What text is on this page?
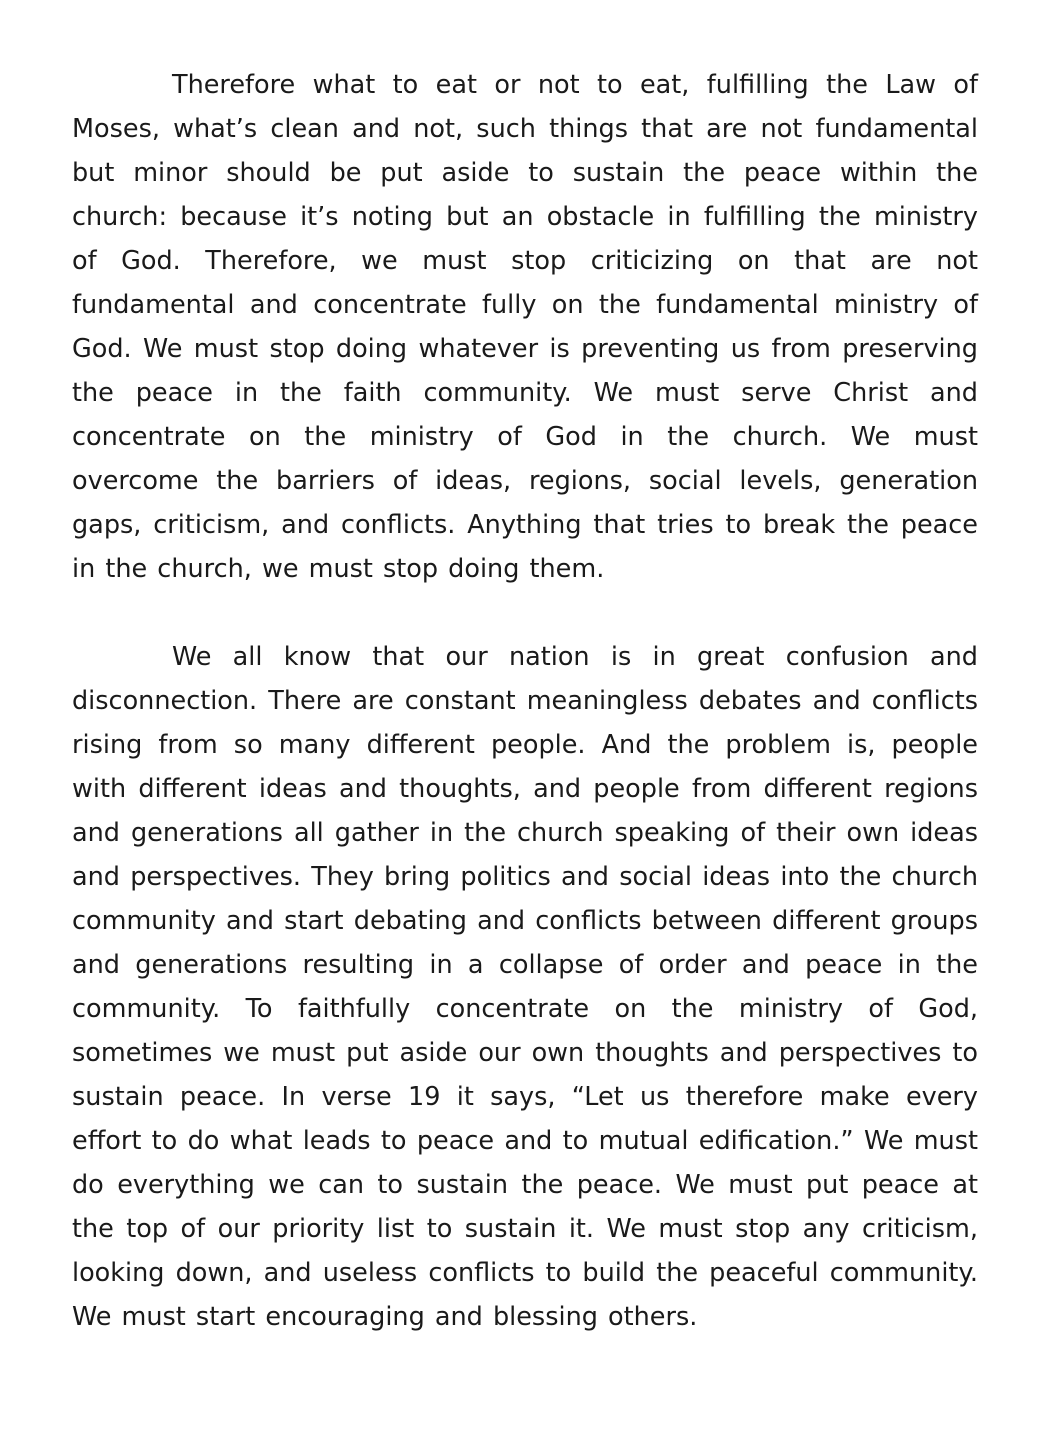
Therefore what to eat or not to eat, fulfilling the Law of Moses, what’s clean and not, such things that are not fundamental but minor should be put aside to sustain the peace within the church: because it’s noting but an obstacle in fulfilling the ministry of God. Therefore, we must stop criticizing on that are not fundamental and concentrate fully on the fundamental ministry of God. We must stop doing whatever is preventing us from preserving the peace in the faith community. We must serve Christ and concentrate on the ministry of God in the church. We must overcome the barriers of ideas, regions, social levels, generation gaps, criticism, and conflicts. Anything that tries to break the peace in the church, we must stop doing them.

We all know that our nation is in great confusion and disconnection. There are constant meaningless debates and conflicts rising from so many different people. And the problem is, people with different ideas and thoughts, and people from different regions and generations all gather in the church speaking of their own ideas and perspectives. They bring politics and social ideas into the church community and start debating and conflicts between different groups and generations resulting in a collapse of order and peace in the community. To faithfully concentrate on the ministry of God, sometimes we must put aside our own thoughts and perspectives to sustain peace. In verse 19 it says, “Let us therefore make every effort to do what leads to peace and to mutual edification.” We must do everything we can to sustain the peace. We must put peace at the top of our priority list to sustain it. We must stop any criticism, looking down, and useless conflicts to build the peaceful community. We must start encouraging and blessing others.
